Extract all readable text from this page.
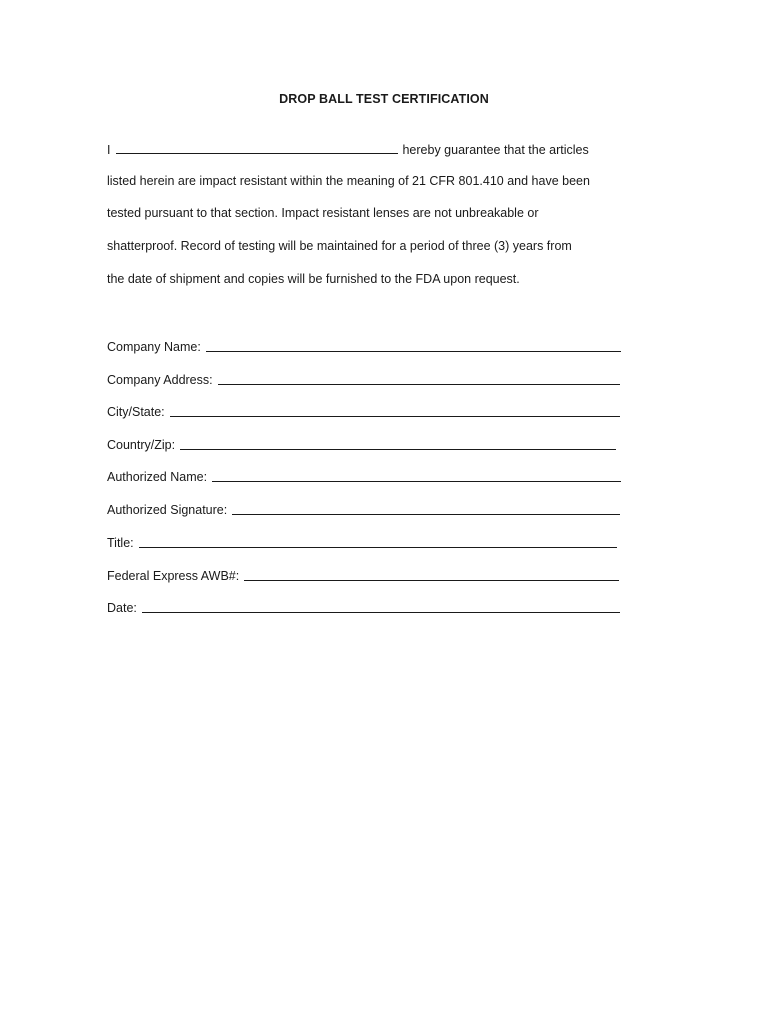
DROP BALL TEST CERTIFICATION
I	hereby guarantee that the articles
listed herein are impact resistant within the meaning of 21 CFR 801.410 and have been
tested pursuant to that section. Impact resistant lenses are not unbreakable or
shatterproof. Record of testing will be maintained for a period of three (3) years from
the date of shipment and copies will be furnished to the FDA upon request.
Company Name:
Company Address:
City/State:
Country/Zip:
Authorized Name:
Authorized Signature:
Title:
Federal Express AWB#:
Date:
